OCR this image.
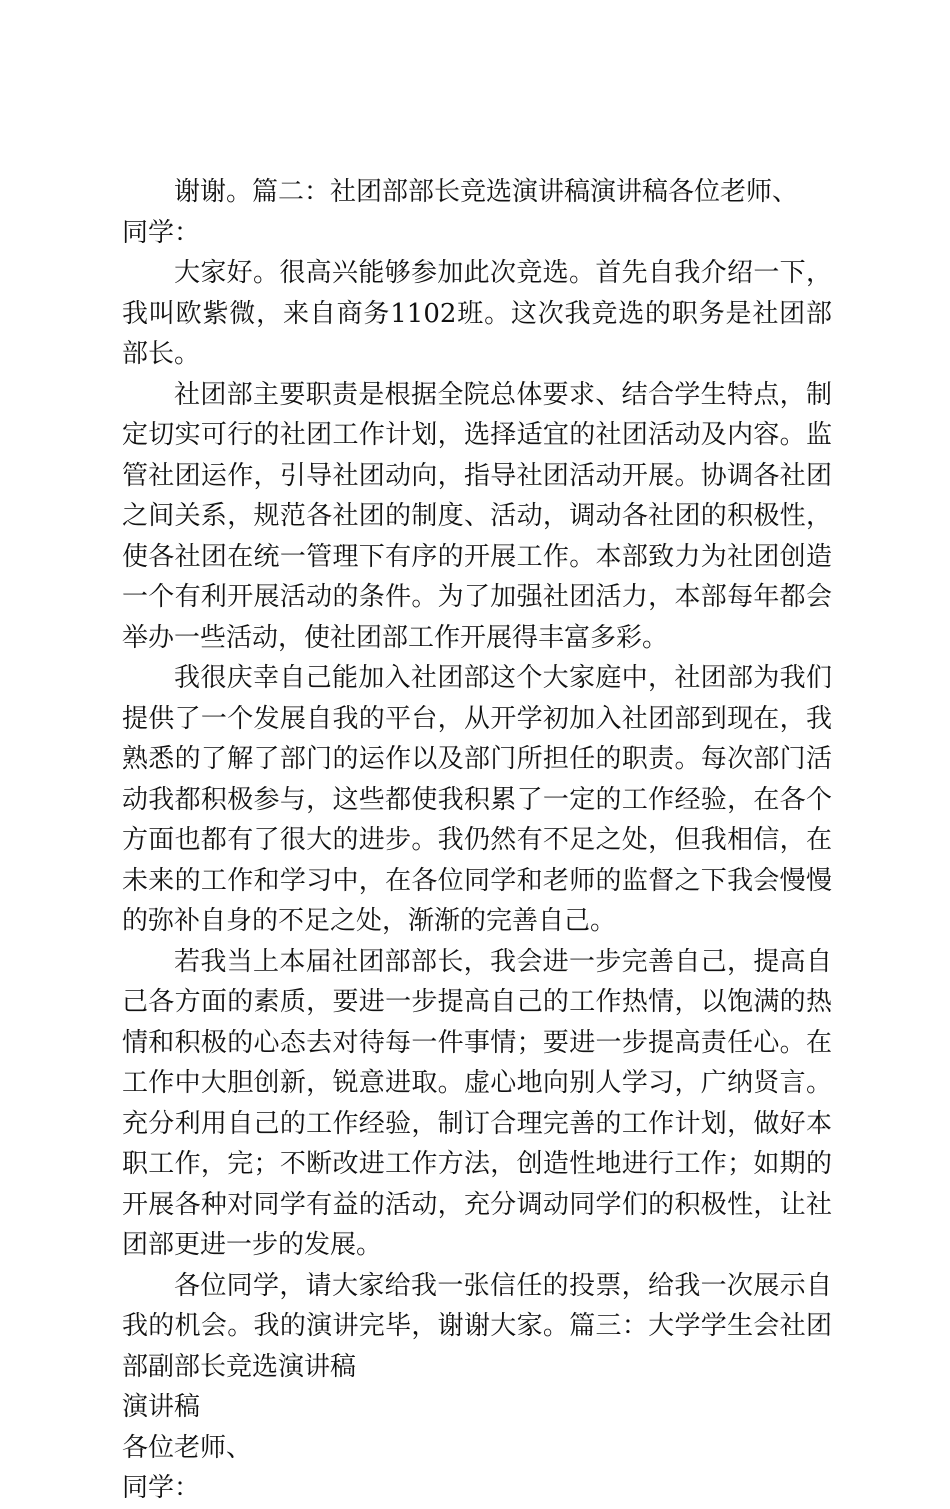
谢谢。篇二：社团部部长竞选演讲稿演讲稿各位老师、

同学：

大家好。很高兴能够参加此次竞选。首先自我介绍一下，我叫欧紫微，来自商务1102班。这次我竞选的职务是社团部部长。

社团部主要职责是根据全院总体要求、结合学生特点，制定切实可行的社团工作计划，选择适宜的社团活动及内容。监管社团运作，引导社团动向，指导社团活动开展。协调各社团之间关系，规范各社团的制度、活动，调动各社团的积极性，使各社团在统一管理下有序的开展工作。本部致力为社团创造一个有利开展活动的条件。为了加强社团活力，本部每年都会举办一些活动，使社团部工作开展得丰富多彩。

我很庆幸自己能加入社团部这个大家庭中，社团部为我们提供了一个发展自我的平台，从开学初加入社团部到现在，我熟悉的了解了部门的运作以及部门所担任的职责。每次部门活动我都积极参与，这些都使我积累了一定的工作经验，在各个方面也都有了很大的进步。我仍然有不足之处，但我相信，在未来的工作和学习中，在各位同学和老师的监督之下我会慢慢的弥补自身的不足之处，渐渐的完善自己。

若我当上本届社团部部长，我会进一步完善自己，提高自己各方面的素质，要进一步提高自己的工作热情，以饱满的热情和积极的心态去对待每一件事情；要进一步提高责任心。在工作中大胆创新，锐意进取。虚心地向别人学习，广纳贤言。充分利用自己的工作经验，制订合理完善的工作计划，做好本职工作，完；不断改进工作方法，创造性地进行工作；如期的开展各种对同学有益的活动，充分调动同学们的积极性，让社团部更进一步的发展。

各位同学，请大家给我一张信任的投票，给我一次展示自我的机会。我的演讲完毕，谢谢大家。篇三：大学学生会社团部副部长竞选演讲稿

演讲稿

各位老师、

同学：
